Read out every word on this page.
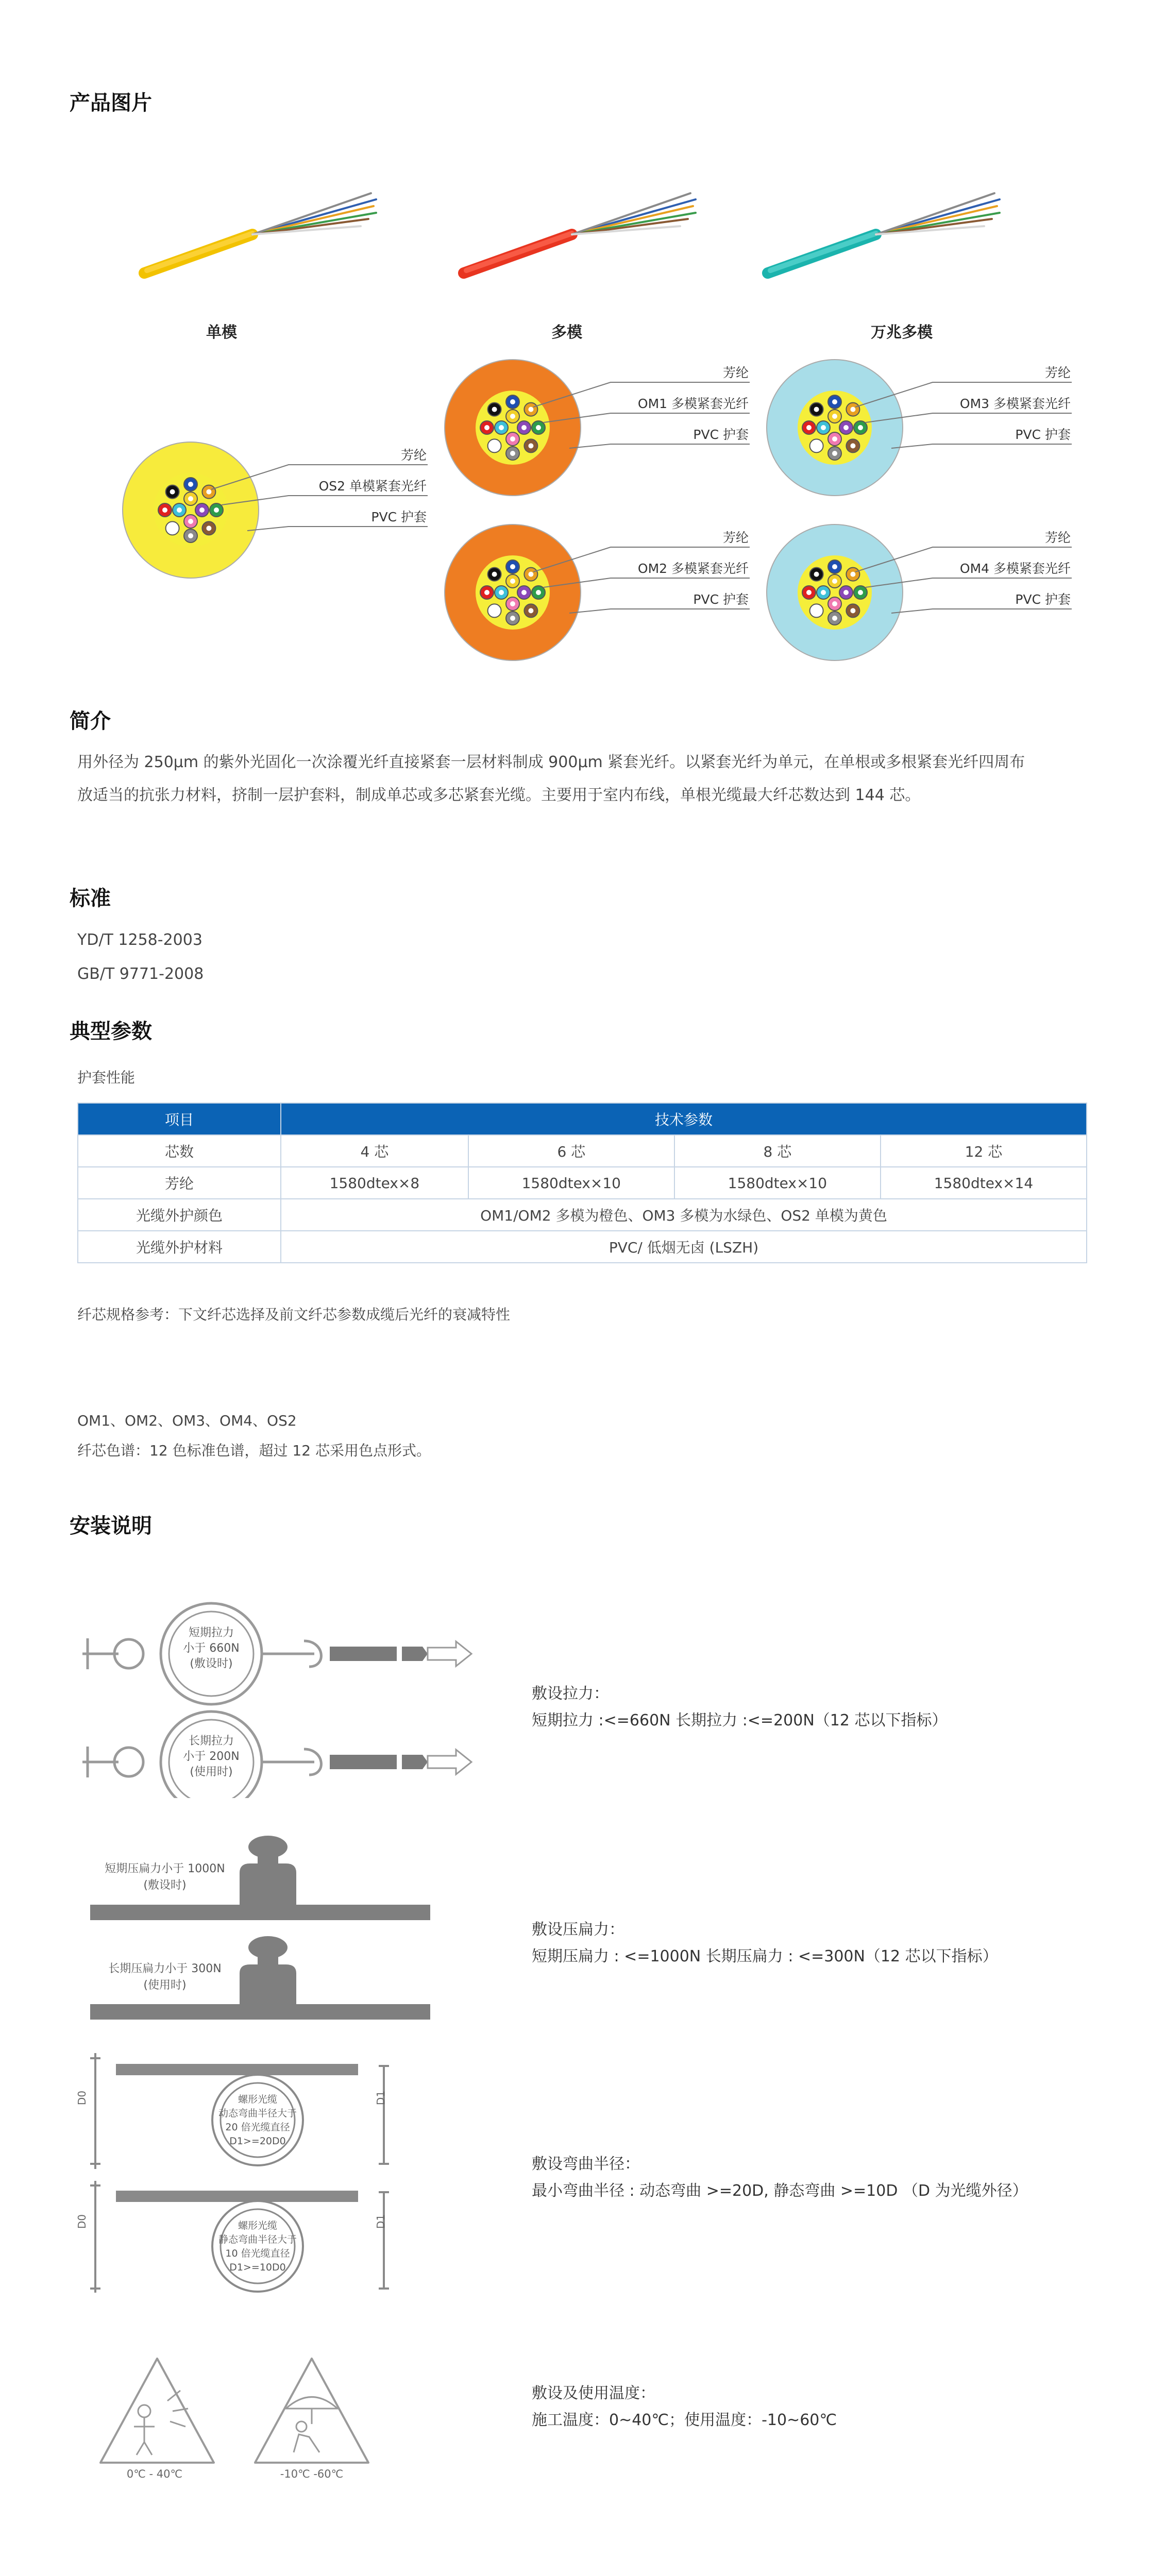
产品图片
单模	多模	万兆多模
芳纶
OS2 单模紧套光纤
PVC 护套
芳纶
OM1 多模紧套光纤
PVC 护套
芳纶
OM3 多模紧套光纤
PVC 护套
芳纶
OM2 多模紧套光纤
PVC 护套
芳纶
OM4 多模紧套光纤
PVC 护套
简介
用外径为 250μm 的紫外光固化一次涂覆光纤直接紧套一层材料制成 900μm 紧套光纤。以紧套光纤为单元，在单根或多根紧套光纤四周布
放适当的抗张力材料，挤制一层护套料，制成单芯或多芯紧套光缆。主要用于室内布线，单根光缆最大纤芯数达到 144 芯。
标准
YD/T 1258-2003
GB/T 9771-2008
典型参数
护套性能
项目	技术参数			
芯数	4 芯	6 芯	8 芯	12 芯
芳纶	1580dtex×8	1580dtex×10	1580dtex×10	1580dtex×14
光缆外护颜色	OM1/OM2 多模为橙色、OM3 多模为水绿色、OS2 单模为黄色			
光缆外护材料	PVC/ 低烟无卤 (LSZH)			
纤芯规格参考：下文纤芯选择及前文纤芯参数成缆后光纤的衰减特性
OM1、OM2、OM3、OM4、OS2
纤芯色谱：12 色标准色谱，超过 12 芯采用色点形式。
安装说明
短期拉力
小于 660N
(敷设时)
长期拉力
小于 200N
(使用时)
敷设拉力：
短期拉力 :<=660N 长期拉力 :<=200N（12 芯以下指标）
短期压扁力小于 1000N
(敷设时)
长期压扁力小于 300N
(使用时)
敷设压扁力：
短期压扁力 : <=1000N 长期压扁力 : <=300N（12 芯以下指标）
D0	D1
D0	D1
螺形光缆
动态弯曲半径大于
20 倍光缆直径
D1>=20D0
螺形光缆
静态弯曲半径大于
10 倍光缆直径
D1>=10D0
敷设弯曲半径：
最小弯曲半径 : 动态弯曲 >=20D, 静态弯曲 >=10D （D 为光缆外径）
0℃ - 40℃	-10℃ -60℃
敷设及使用温度：
施工温度：0~40℃；使用温度：-10~60℃
